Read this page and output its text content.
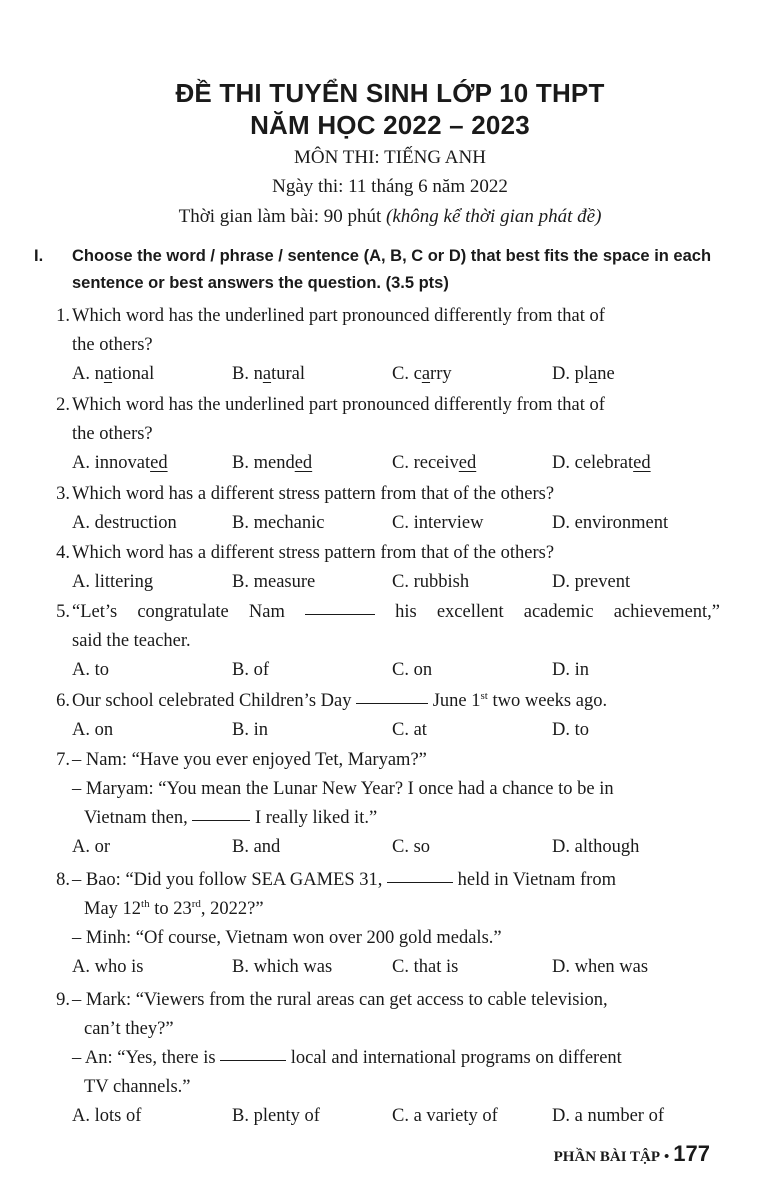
ĐỀ THI TUYỂN SINH LỚP 10 THPT
NĂM HỌC 2022 – 2023
MÔN THI: TIẾNG ANH
Ngày thi: 11 tháng 6 năm 2022
Thời gian làm bài: 90 phút (không kể thời gian phát đề)
I. Choose the word / phrase / sentence (A, B, C or D) that best fits the space in each sentence or best answers the question. (3.5 pts)
1. Which word has the underlined part pronounced differently from that of
the others?
A. national	B. natural	C. carry	D. plane
2. Which word has the underlined part pronounced differently from that of
the others?
A. innovated	B. mended	C. received	D. celebrated
3. Which word has a different stress pattern from that of the others?
A. destruction	B. mechanic	C. interview	D. environment
4. Which word has a different stress pattern from that of the others?
A. littering	B. measure	C. rubbish	D. prevent
5. “Let’s congratulate Nam	his excellent academic achievement,”
said the teacher.
A. to	B. of	C. on	D. in
6. Our school celebrated Children’s Day	June 1st two weeks ago.
A. on	B. in	C. at	D. to
7. – Nam: “Have you ever enjoyed Tet, Maryam?”
– Maryam: “You mean the Lunar New Year? I once had a chance to be in
Vietnam then,	I really liked it.”
A. or	B. and	C. so	D. although
8. – Bao: “Did you follow SEA GAMES 31,	held in Vietnam from
May 12th to 23rd, 2022?”
– Minh: “Of course, Vietnam won over 200 gold medals.”
A. who is	B. which was	C. that is	D. when was
9. – Mark: “Viewers from the rural areas can get access to cable television,
can’t they?”
– An: “Yes, there is	local and international programs on different
TV channels.”
A. lots of	B. plenty of	C. a variety of	D. a number of
PHẦN BÀI TẬP • 177
